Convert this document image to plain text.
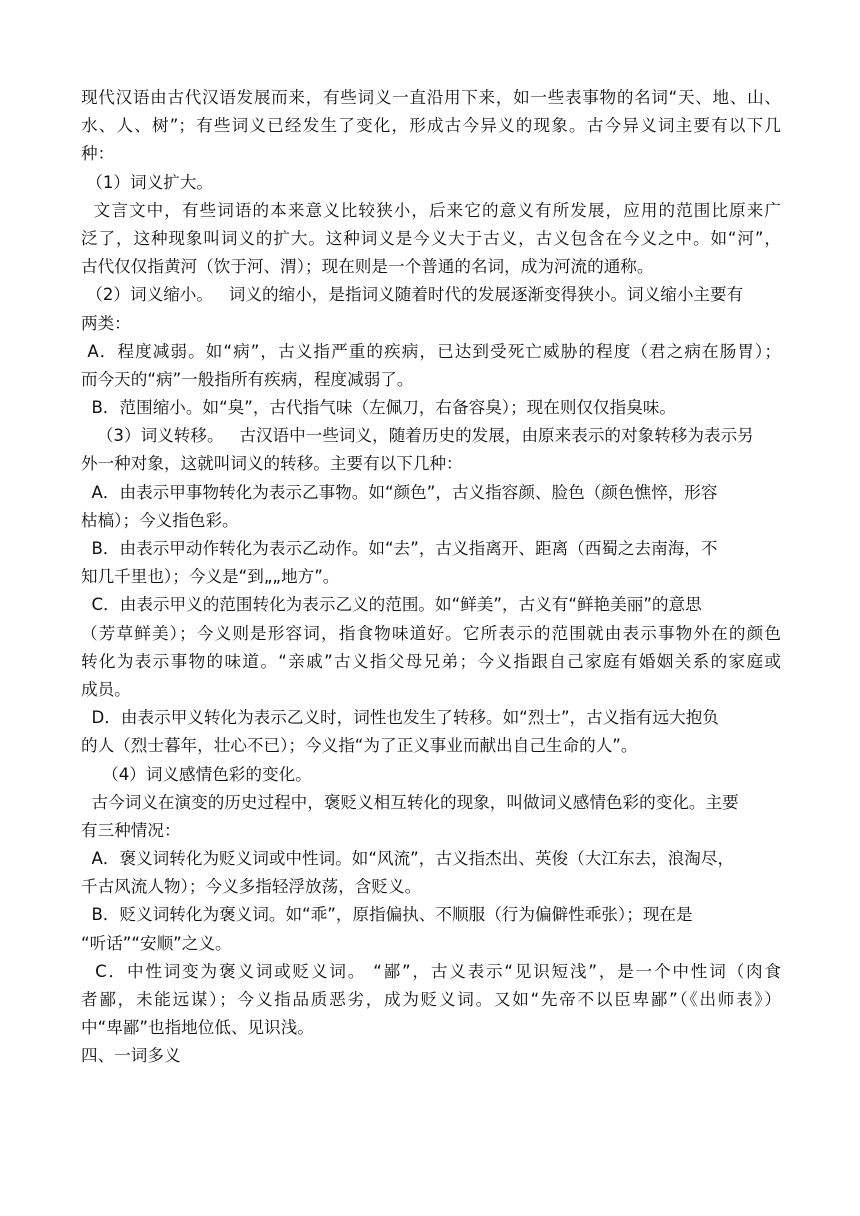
现代汉语由古代汉语发展而来，有些词义一直沿用下来，如一些表事物的名词“天、地、山、
水、人、树”；有些词义已经发生了变化，形成古今异义的现象。古今异义词主要有以下几
种：
（1）词义扩大。
文言文中，有些词语的本来意义比较狭小，后来它的意义有所发展，应用的范围比原来广
泛了，这种现象叫词义的扩大。这种词义是今义大于古义，古义包含在今义之中。如“河”，
古代仅仅指黄河（饮于河、渭）；现在则是一个普通的名词，成为河流的通称。
（2）词义缩小。   词义的缩小，是指词义随着时代的发展逐渐变得狭小。词义缩小主要有
两类：
A．程度减弱。如“病”，古义指严重的疾病，已达到受死亡威胁的程度（君之病在肠胃）；
而今天的“病”一般指所有疾病，程度减弱了。
B．范围缩小。如“臭”，古代指气味（左佩刀，右备容臭）；现在则仅仅指臭味。
（3）词义转移。   古汉语中一些词义，随着历史的发展，由原来表示的对象转移为表示另
外一种对象，这就叫词义的转移。主要有以下几种：
A．由表示甲事物转化为表示乙事物。如“颜色”，古义指容颜、脸色（颜色憔悴，形容
枯槁）；今义指色彩。
B．由表示甲动作转化为表示乙动作。如“去”，古义指离开、距离（西蜀之去南海，不
知几千里也）；今义是“到„„地方”。
C．由表示甲义的范围转化为表示乙义的范围。如“鲜美”，古义有“鲜艳美丽”的意思
（芳草鲜美）；今义则是形容词，指食物味道好。它所表示的范围就由表示事物外在的颜色
转化为表示事物的味道。“亲戚”古义指父母兄弟；今义指跟自己家庭有婚姻关系的家庭或
成员。
D．由表示甲义转化为表示乙义时，词性也发生了转移。如“烈士”，古义指有远大抱负
的人（烈士暮年，壮心不已）；今义指“为了正义事业而献出自己生命的人”。
（4）词义感情色彩的变化。
古今词义在演变的历史过程中，褒贬义相互转化的现象，叫做词义感情色彩的变化。主要
有三种情况：
A．褒义词转化为贬义词或中性词。如“风流”，古义指杰出、英俊（大江东去，浪淘尽，
千古风流人物）；今义多指轻浮放荡，含贬义。
B．贬义词转化为褒义词。如“乖”，原指偏执、不顺服（行为偏僻性乖张）；现在是
“听话”“安顺”之义。
C．中性词变为褒义词或贬义词。 “鄙”，古义表示“见识短浅”，是一个中性词（肉食
者鄙，未能远谋）；今义指品质恶劣，成为贬义词。又如“先帝不以臣卑鄙”（《出师表》）
中“卑鄙”也指地位低、见识浅。
四、一词多义
